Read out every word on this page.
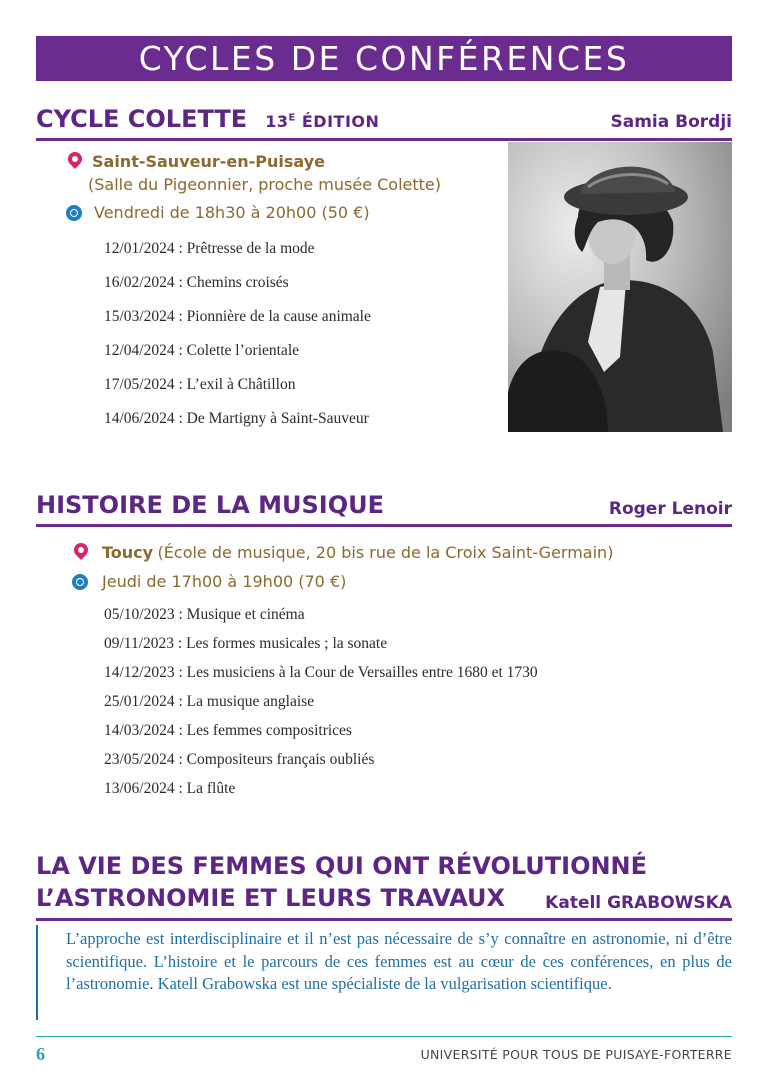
CYCLES DE CONFÉRENCES
CYCLE COLETTE $13^E$ ÉDITION	Samia Bordji
Saint-Sauveur-en-Puisaye
(Salle du Pigeonnier, proche musée Colette)
Vendredi de 18h30 à 20h00 (50 €)
12/01/2024 : Prêtresse de la mode
16/02/2024 : Chemins croisés
15/03/2024 : Pionnière de la cause animale
12/04/2024 : Colette l’orientale
17/05/2024 : L’exil à Châtillon
14/06/2024 : De Martigny à Saint-Sauveur
HISTOIRE DE LA MUSIQUE	Roger Lenoir
Toucy (École de musique, 20 bis rue de la Croix Saint-Germain)
Jeudi de 17h00 à 19h00 (70 €)
05/10/2023 : Musique et cinéma
09/11/2023 : Les formes musicales ; la sonate
14/12/2023 : Les musiciens à la Cour de Versailles entre 1680 et 1730
25/01/2024 : La musique anglaise
14/03/2024 : Les femmes compositrices
23/05/2024 : Compositeurs français oubliés
13/06/2024 : La flûte
LA VIE DES FEMMES QUI ONT RÉVOLUTIONNÉ
L’ASTRONOMIE ET LEURS TRAVAUX Katell GRABOWSKA

L’approche est interdisciplinaire et il n’est pas nécessaire de s’y connaître en astronomie, ni d’être scientifique. L’histoire et le parcours de ces femmes est au cœur de ces conférences, en plus de l’astronomie. Katell Grabowska est une spécialiste de la vulgarisation scientifique.

6	UNIVERSITÉ POUR TOUS DE PUISAYE-FORTERRE
